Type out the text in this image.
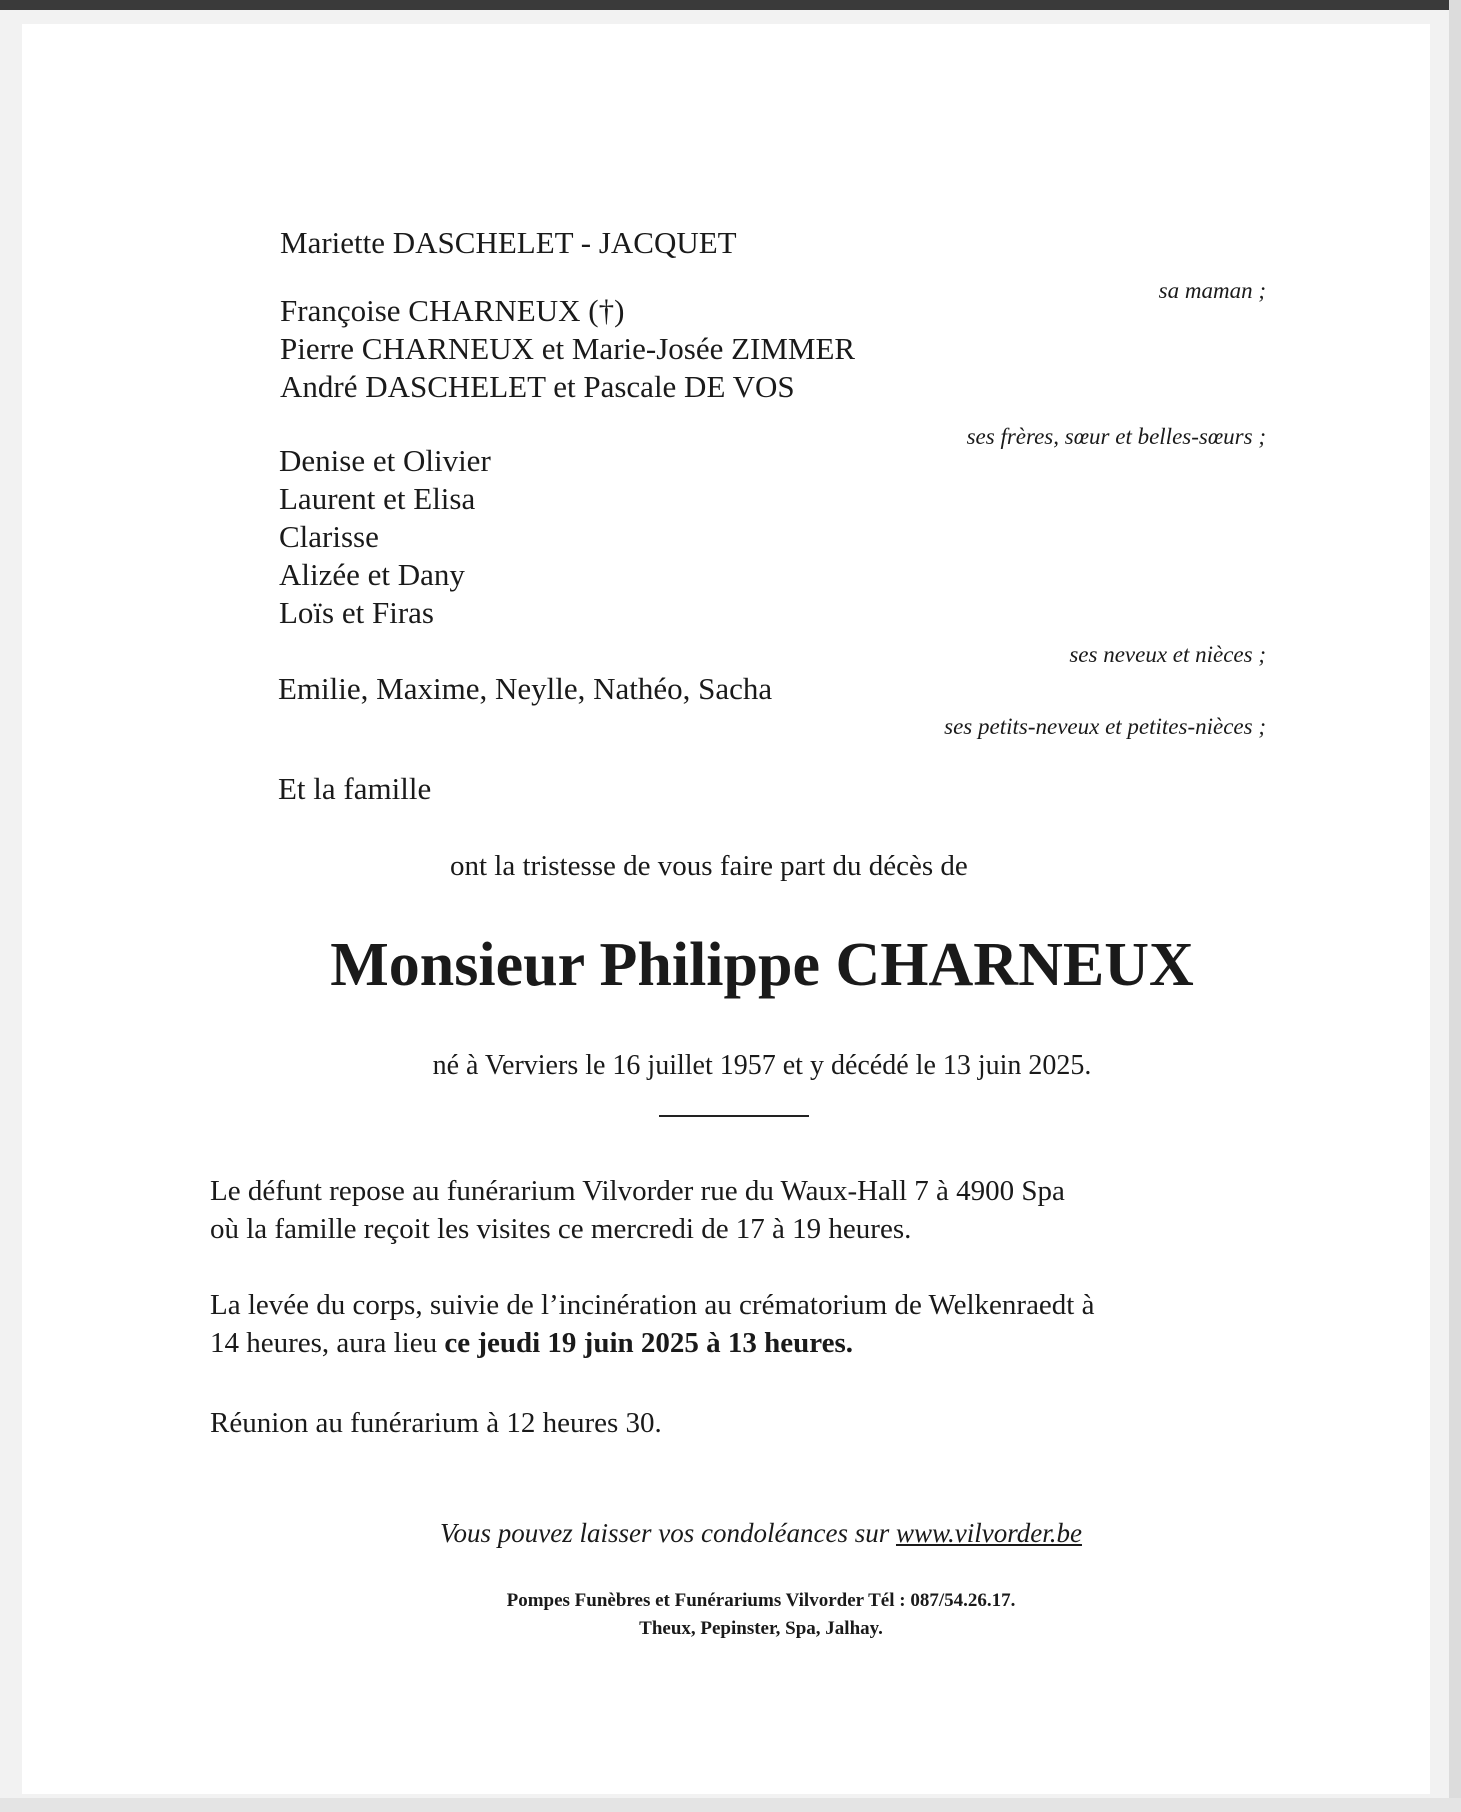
Mariette DASCHELET - JACQUET

sa maman ;

Françoise CHARNEUX (†)

Pierre CHARNEUX et Marie-Josée ZIMMER

André DASCHELET et Pascale DE VOS

ses frères, sœur et belles-sœurs ;

Denise et Olivier

Laurent et Elisa

Clarisse

Alizée et Dany

Loïs et Firas

ses neveux et nièces ;

Emilie, Maxime, Neylle, Nathéo, Sacha

ses petits-neveux et petites-nièces ;

Et la famille

ont la tristesse de vous faire part du décès de

Monsieur Philippe CHARNEUX

né à Verviers le 16 juillet 1957 et y décédé le 13 juin 2025.

Le défunt repose au funérarium Vilvorder rue du Waux-Hall 7 à 4900 Spa

où la famille reçoit les visites ce mercredi de 17 à 19 heures.

La levée du corps, suivie de l’incinération au crématorium de Welkenraedt à

14 heures, aura lieu ce jeudi 19 juin 2025 à 13 heures.

Réunion au funérarium à 12 heures 30.

Vous pouvez laisser vos condoléances sur www.vilvorder.be

Pompes Funèbres et Funérariums Vilvorder Tél : 087/54.26.17.

Theux, Pepinster, Spa, Jalhay.
